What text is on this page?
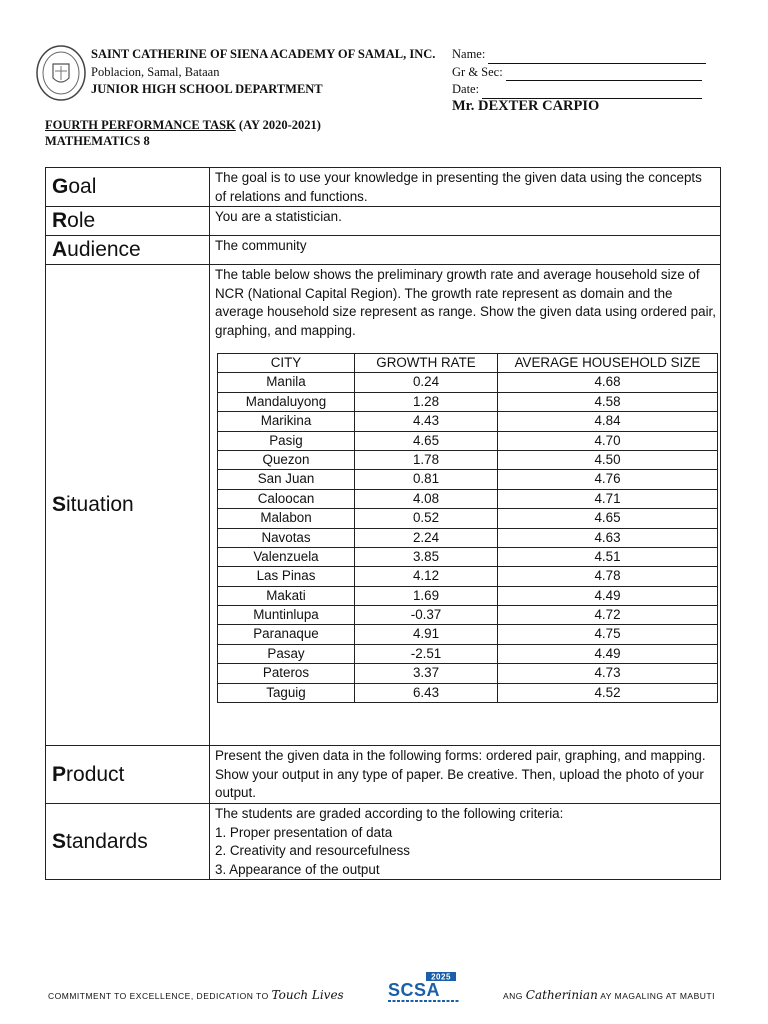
SAINT CATHERINE OF SIENA ACADEMY OF SAMAL, INC.
Poblacion, Samal, Bataan
JUNIOR HIGH SCHOOL DEPARTMENT
Name:
Gr & Sec:
Date:
Mr. DEXTER CARPIO
FOURTH PERFORMANCE TASK (AY 2020-2021)
MATHEMATICS 8
Goal	The goal is to use your knowledge in presenting the given data using the concepts of relations and functions.
Role	You are a statistician.
Audience	The community
Situation	
The table below shows the preliminary growth rate and average household size of NCR (National Capital Region). The growth rate represent as domain and the average household size represent as range. Show the given data using ordered pair, graphing, and mapping.
CITY	GROWTH RATE	AVERAGE HOUSEHOLD SIZE
Manila	0.24	4.68
Mandaluyong	1.28	4.58
Marikina	4.43	4.84
Pasig	4.65	4.70
Quezon	1.78	4.50
San Juan	0.81	4.76
Caloocan	4.08	4.71
Malabon	0.52	4.65
Navotas	2.24	4.63
Valenzuela	3.85	4.51
Las Pinas	4.12	4.78
Makati	1.69	4.49
Muntinlupa	-0.37	4.72
Paranaque	4.91	4.75
Pasay	-2.51	4.49
Pateros	3.37	4.73
Taguig	6.43	4.52

Product	Present the given data in the following forms: ordered pair, graphing, and mapping. Show your output in any type of paper. Be creative. Then, upload the photo of your output.
Standards	
The students are graded according to the following criteria:
1. Proper presentation of data
2. Creativity and resourcefulness
3. Appearance of the output
COMMITMENT TO EXCELLENCE, DEDICATION TO Touch Lives
2025
SCSA	ANG Catherinian AY MAGALING AT MABUTI
